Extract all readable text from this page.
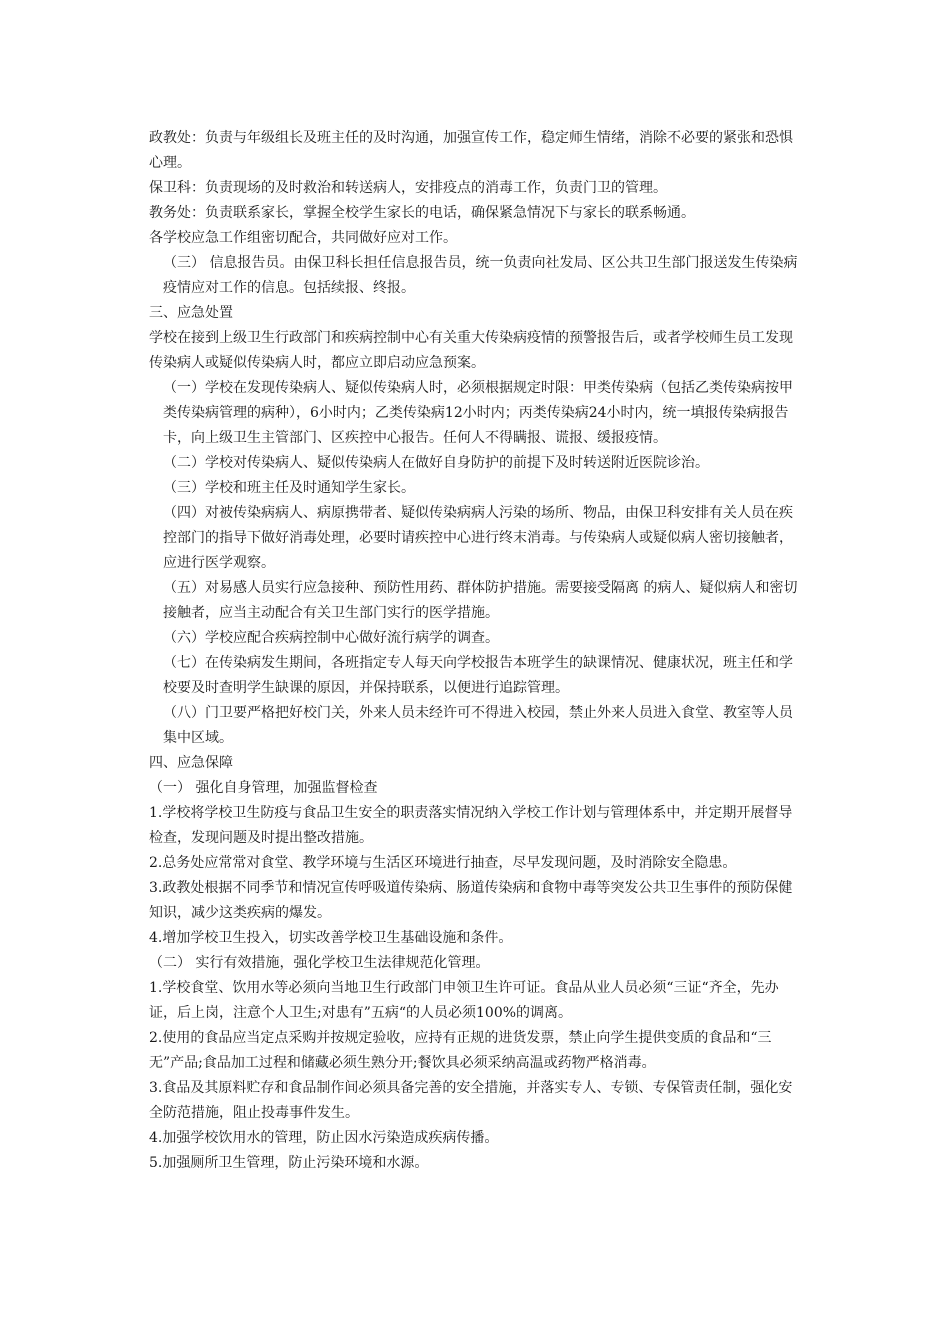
政教处：负责与年级组长及班主任的及时沟通，加强宣传工作，稳定师生情绪，消除不必要的紧张和恐惧心理。

保卫科：负责现场的及时救治和转送病人，安排疫点的消毒工作，负责门卫的管理。

教务处：负责联系家长，掌握全校学生家长的电话，确保紧急情况下与家长的联系畅通。

各学校应急工作组密切配合，共同做好应对工作。

（三） 信息报告员。由保卫科长担任信息报告员，统一负责向社发局、区公共卫生部门报送发生传染病疫情应对工作的信息。包括续报、终报。

三、应急处置

学校在接到上级卫生行政部门和疾病控制中心有关重大传染病疫情的预警报告后，或者学校师生员工发现传染病人或疑似传染病人时，都应立即启动应急预案。

（一）学校在发现传染病人、疑似传染病人时，必须根据规定时限：甲类传染病（包括乙类传染病按甲类传染病管理的病种），6小时内；乙类传染病12小时内；丙类传染病24小时内，统一填报传染病报告卡，向上级卫生主管部门、区疾控中心报告。任何人不得瞒报、谎报、缓报疫情。

（二）学校对传染病人、疑似传染病人在做好自身防护的前提下及时转送附近医院诊治。

（三）学校和班主任及时通知学生家长。

（四）对被传染病病人、病原携带者、疑似传染病病人污染的场所、物品，由保卫科安排有关人员在疾控部门的指导下做好消毒处理，必要时请疾控中心进行终末消毒。与传染病人或疑似病人密切接触者，应进行医学观察。

（五）对易感人员实行应急接种、预防性用药、群体防护措施。需要接受隔离 的病人、疑似病人和密切接触者，应当主动配合有关卫生部门实行的医学措施。

（六）学校应配合疾病控制中心做好流行病学的调查。

（七）在传染病发生期间，各班指定专人每天向学校报告本班学生的缺课情况、健康状况，班主任和学校要及时查明学生缺课的原因，并保持联系，以便进行追踪管理。

（八）门卫要严格把好校门关，外来人员未经许可不得进入校园，禁止外来人员进入食堂、教室等人员集中区域。

四、应急保障

（一） 强化自身管理，加强监督检查

1.学校将学校卫生防疫与食品卫生安全的职责落实情况纳入学校工作计划与管理体系中，并定期开展督导检查，发现问题及时提出整改措施。

2.总务处应常常对食堂、教学环境与生活区环境进行抽查，尽早发现问题，及时消除安全隐患。

3.政教处根据不同季节和情况宣传呼吸道传染病、肠道传染病和食物中毒等突发公共卫生事件的预防保健知识，减少这类疾病的爆发。

4.增加学校卫生投入，切实改善学校卫生基础设施和条件。

（二） 实行有效措施，强化学校卫生法律规范化管理。

1.学校食堂、饮用水等必须向当地卫生行政部门申领卫生许可证。食品从业人员必须“三证“齐全，先办证，后上岗，注意个人卫生;对患有”五病“的人员必须100%的调离。

2.使用的食品应当定点采购并按规定验收，应持有正规的进货发票，禁止向学生提供变质的食品和“三无”产品;食品加工过程和储藏必须生熟分开;餐饮具必须采纳高温或药物严格消毒。

3.食品及其原料贮存和食品制作间必须具备完善的安全措施，并落实专人、专锁、专保管责任制，强化安全防范措施，阻止投毒事件发生。

4.加强学校饮用水的管理，防止因水污染造成疾病传播。

5.加强厕所卫生管理，防止污染环境和水源。
